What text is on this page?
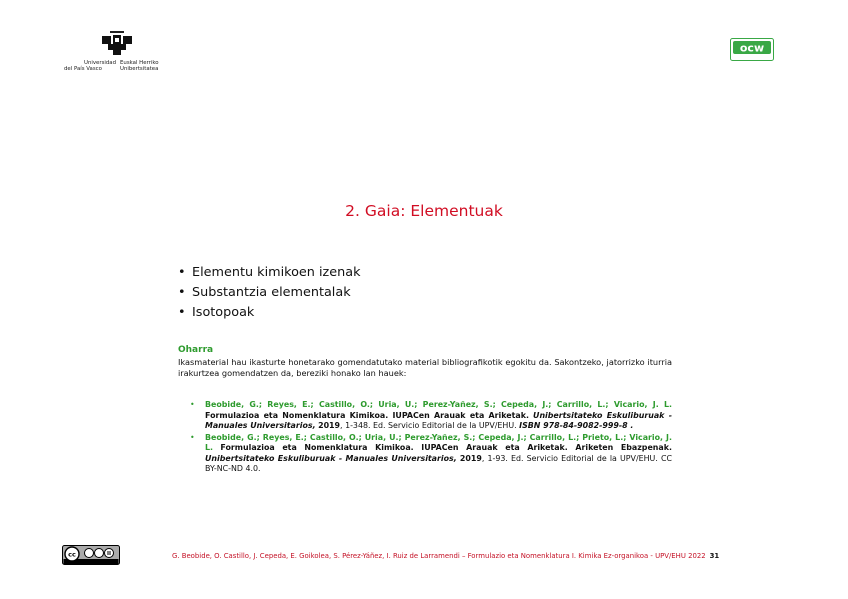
Universidad
del País Vasco
Euskal Herriko
Unibertsitatea
ocw
2. Gaia: Elementuak
• Elementu kimikoen izenak
• Substantzia elementalak
• Isotopoak
Oharra
Ikasmaterial hau ikasturte honetarako gomendatutako material bibliografikotik egokitu da. Sakontzeko, jatorrizko iturria irakurtzea gomendatzen da, bereziki honako lan hauek:
• Beobide, G.; Reyes, E.; Castillo, O.; Uria, U.; Perez-Yañez, S.; Cepeda, J.; Carrillo, L.; Vicario, J. L. Formulazioa eta Nomenklatura Kimikoa. IUPACen Arauak eta Ariketak. Unibertsitateko Eskuliburuak - Manuales Universitarios, 2019, 1-348. Ed. Servicio Editorial de la UPV/EHU. ISBN 978-84-9082-999-8 .
• Beobide, G.; Reyes, E.; Castillo, O.; Uria, U.; Perez-Yañez, S.; Cepeda, J.; Carrillo, L.; Prieto, L.; Vicario, J. L. Formulazioa eta Nomenklatura Kimikoa. IUPACen Arauak eta Ariketak. Ariketen Ebazpenak. Unibertsitateko Eskuliburuak - Manuales Universitarios, 2019, 1-93. Ed. Servicio Editorial de la UPV/EHU. CC BY-NC-ND 4.0.
cc	G. Beobide, O. Castillo, J. Cepeda, E. Goikolea, S. Pérez-Yáñez, I. Ruiz de Larramendi – Formulazio eta Nomenklatura I. Kimika Ez-organikoa - UPV/EHU 2022 31
